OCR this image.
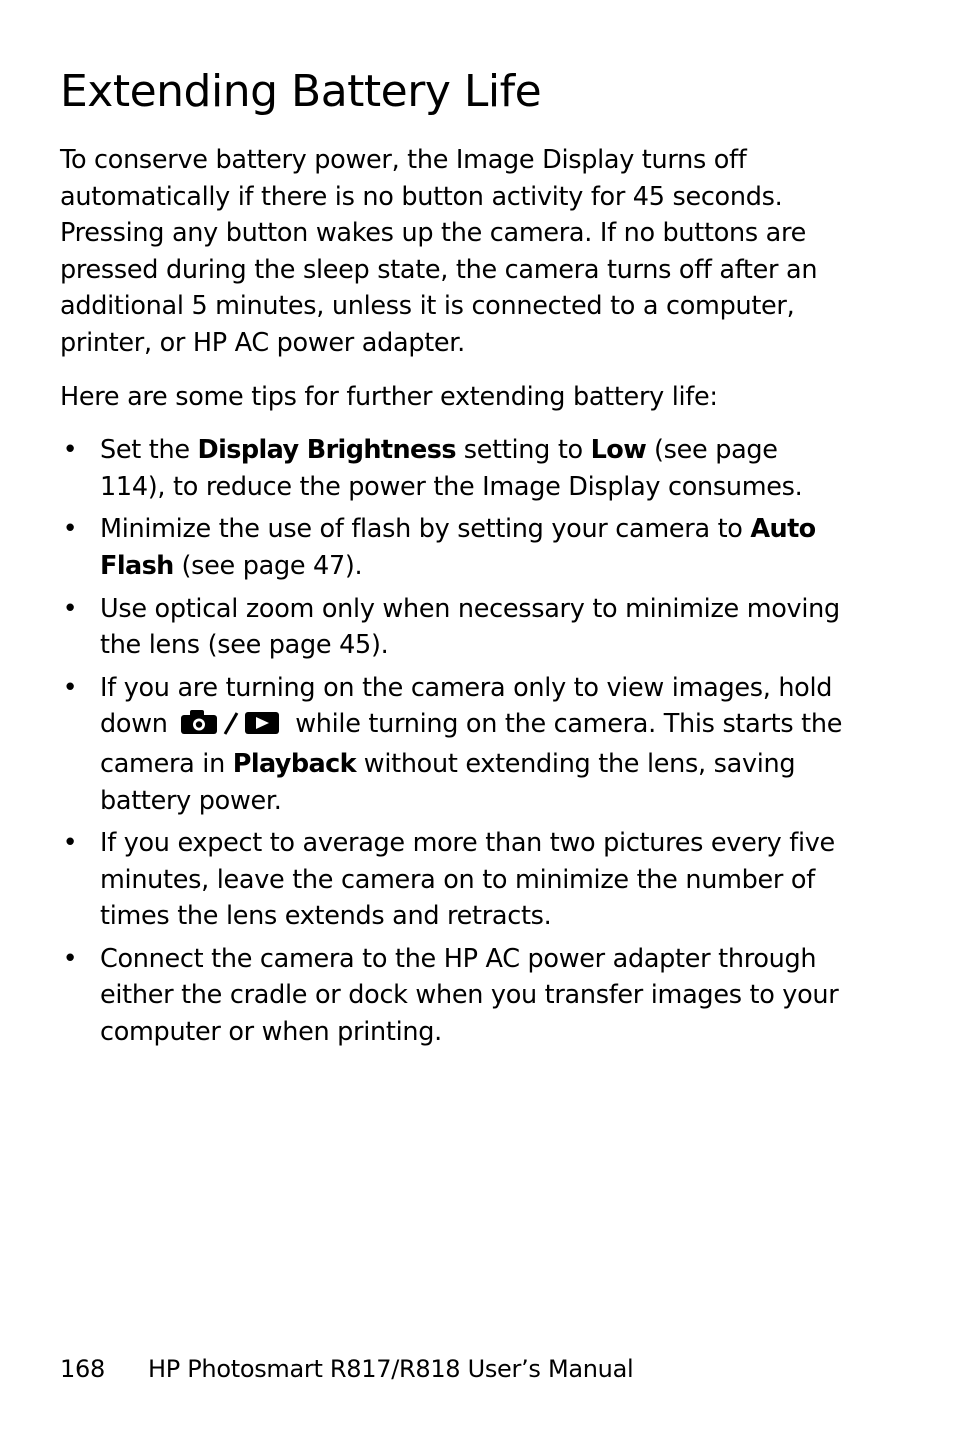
Extending Battery Life

To conserve battery power, the Image Display turns off automatically if there is no button activity for 45 seconds. Pressing any button wakes up the camera. If no buttons are pressed during the sleep state, the camera turns off after an additional 5 minutes, unless it is connected to a computer, printer, or HP AC power adapter.

Here are some tips for further extending battery life:

• Set the Display Brightness setting to Low (see page 114), to reduce the power the Image Display consumes.
• Minimize the use of flash by setting your camera to Auto Flash (see page 47).
• Use optical zoom only when necessary to minimize moving the lens (see page 45).
• If you are turning on the camera only to view images, hold down	while turning on the camera. This starts the camera in Playback without extending the lens, saving battery power.
• If you expect to average more than two pictures every five minutes, leave the camera on to minimize the number of times the lens extends and retracts.
• Connect the camera to the HP AC power adapter through either the cradle or dock when you transfer images to your computer or when printing.
168 HP Photosmart R817/R818 User’s Manual
